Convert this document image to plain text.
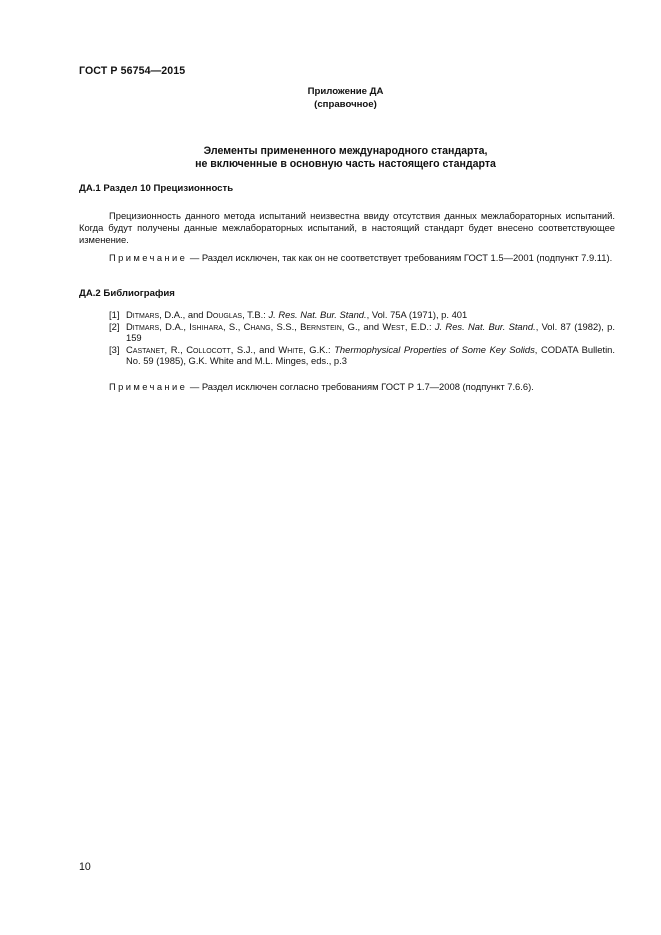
ГОСТ Р 56754—2015
Приложение ДА
(справочное)
Элементы примененного международного стандарта,
не включенные в основную часть настоящего стандарта
ДА.1 Раздел 10 Прецизионность
Прецизионность данного метода испытаний неизвестна ввиду отсутствия данных межлабораторных испытаний. Когда будут получены данные межлабораторных испытаний, в настоящий стандарт будет внесено соответствующее изменение.
Примечание — Раздел исключен, так как он не соответствует требованиям ГОСТ 1.5—2001 (подпункт 7.9.11).
ДА.2 Библиография
[1] Ditmars, D.A., and Douglas, T.B.: J. Res. Nat. Bur. Stand., Vol. 75A (1971), p. 401
[2] Ditmars, D.A., Ishihara, S., Chang, S.S., Bernstein, G., and West, E.D.: J. Res. Nat. Bur. Stand., Vol. 87 (1982), p. 159
[3] Castanet, R., Collocott, S.J., and White, G.K.: Thermophysical Properties of Some Key Solids, CODATA Bulletin. No. 59 (1985), G.K. White and M.L. Minges, eds., p.3
Примечание — Раздел исключен согласно требованиям ГОСТ Р 1.7—2008 (подпункт 7.6.6).
10
